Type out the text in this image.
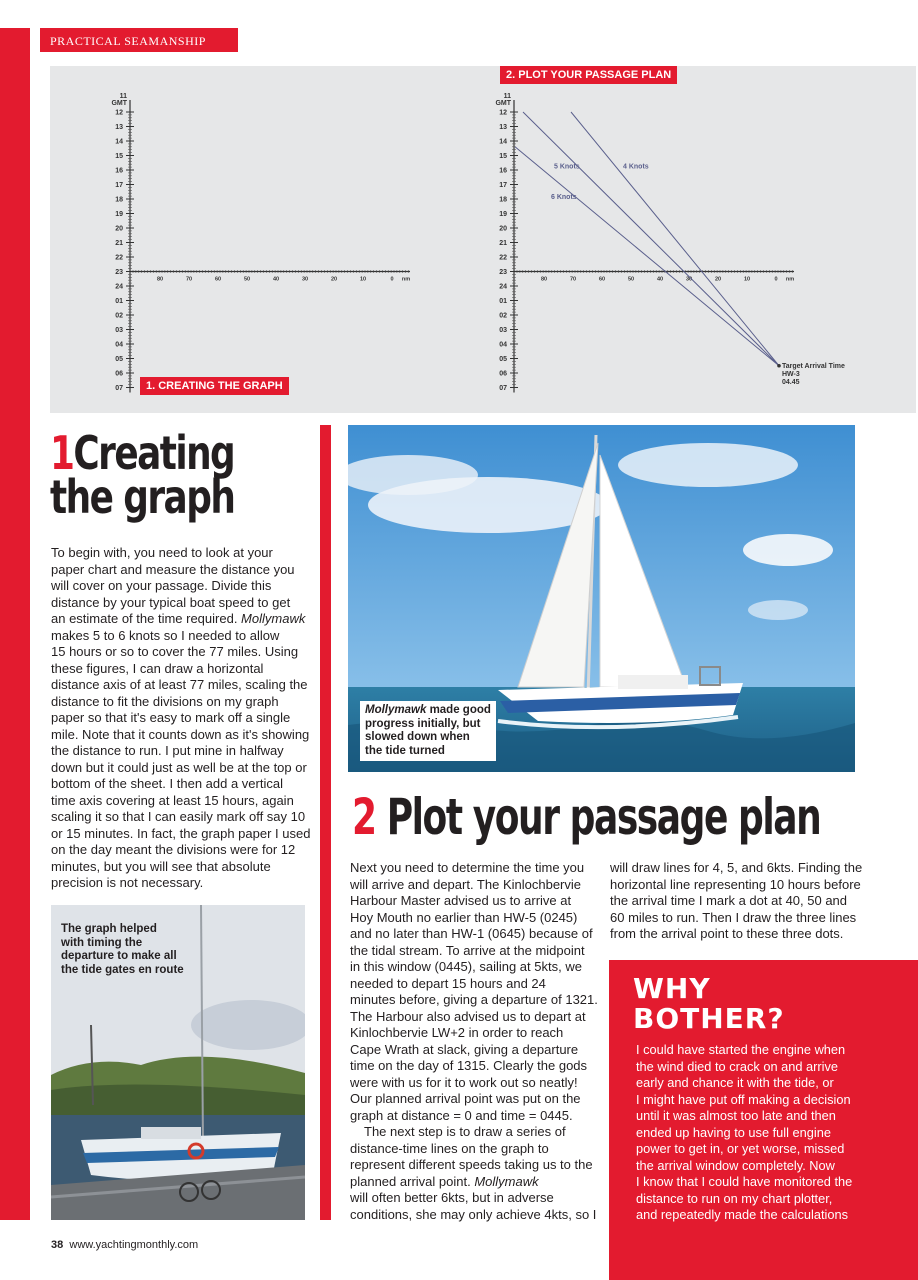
PRACTICAL SEAMANSHIP
11
GMT
12
13
14
15
16
17
18
19
20
21
22
23
24
01
02
03
04
05
06
07
80	70	60	50	40	30	20	10	0 nm
11
GMT
12
13
14
15
16
17
18
19
20
21
22
23
24
01
02
03
04
05
06
07
80	70	60	50	40	30	20	10	0 nm
5 Knots	4 Knots
6 Knots
Target Arrival Time
HW-3
04.45
1. CREATING THE GRAPH
2. PLOT YOUR PASSAGE PLAN
1Creating
the graph
To begin with, you need to look at your
paper chart and measure the distance you
will cover on your passage. Divide this
distance by your typical boat speed to get
an estimate of the time required. Mollymawk
makes 5 to 6 knots so I needed to allow
15 hours or so to cover the 77 miles. Using
these figures, I can draw a horizontal
distance axis of at least 77 miles, scaling the
distance to fit the divisions on my graph
paper so that it's easy to mark off a single
mile. Note that it counts down as it's showing
the distance to run. I put mine in halfway
down but it could just as well be at the top or
bottom of the sheet. I then add a vertical
time axis covering at least 15 hours, again
scaling it so that I can easily mark off say 10
or 15 minutes. In fact, the graph paper I used
on the day meant the divisions were for 12
minutes, but you will see that absolute
precision is not necessary.
Mollymawk made good
progress initially, but
slowed down when
the tide turned
2 Plot your passage plan
Next you need to determine the time you
will arrive and depart. The Kinlochbervie
Harbour Master advised us to arrive at
Hoy Mouth no earlier than HW-5 (0245)
and no later than HW-1 (0645) because of
the tidal stream. To arrive at the midpoint
in this window (0445), sailing at 5kts, we
needed to depart 15 hours and 24
minutes before, giving a departure of 1321.
The Harbour also advised us to depart at
Kinlochbervie LW+2 in order to reach
Cape Wrath at slack, giving a departure
time on the day of 1315. Clearly the gods
were with us for it to work out so neatly!
Our planned arrival point was put on the
graph at distance = 0 and time = 0445.
The next step is to draw a series of
distance-time lines on the graph to
represent different speeds taking us to the
planned arrival point. Mollymawk
will often better 6kts, but in adverse
conditions, she may only achieve 4kts, so I
will draw lines for 4, 5, and 6kts. Finding the
horizontal line representing 10 hours before
the arrival time I mark a dot at 40, 50 and
60 miles to run. Then I draw the three lines
from the arrival point to these three dots.
The graph helped
with timing the
departure to make all
the tide gates en route
WHY
BOTHER?
I could have started the engine when
the wind died to crack on and arrive
early and chance it with the tide, or
I might have put off making a decision
until it was almost too late and then
ended up having to use full engine
power to get in, or yet worse, missed
the arrival window completely. Now
I know that I could have monitored the
distance to run on my chart plotter,
and repeatedly made the calculations
38 www.yachtingmonthly.com
